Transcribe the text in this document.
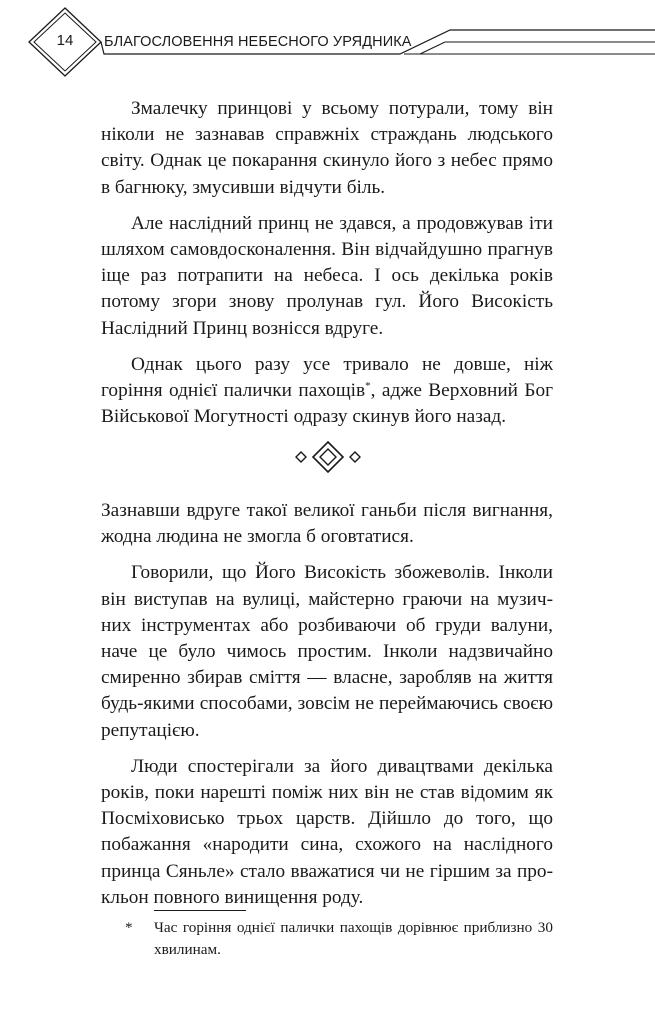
14 БЛАГОСЛОВЕННЯ НЕБЕСНОГО УРЯДНИКА

Змалечку принцові у всьому потурали, тому він ніколи не зазнавав справжніх страждань людського світу. Однак це покарання скинуло його з небес прямо в багнюку, змусивши відчути біль.

Але наслідний принц не здався, а продовжував іти шляхом самовдосконалення. Він відчайдушно прагнув іще раз потрапити на небеса. І ось декілька років потому згори знову пролунав гул. Його Високість Наслідний Принц вознісся вдруге.

Однак цього разу усе тривало не довше, ніж горіння однієї палички пахощів*, адже Верховний Бог Військової Могутності одразу скинув його назад.

Зазнавши вдруге такої великої ганьби після вигнання, жодна людина не змогла б оговтатися.

Говорили, що Його Високість збожеволів. Інколи він виступав на вулиці, майстерно граючи на музичних інструментах або розбиваючи об груди валуни, наче це було чимось простим. Інколи надзвичайно смиренно збирав сміття — власне, заробляв на життя будь-якими способами, зовсім не переймаючись своєю репутацією.

Люди спостерігали за його дивацтвами декілька років, поки нарешті поміж них він не став відомим як Посміховисько трьох царств. Дійшло до того, що побажання «народити сина, схожого на наслідного принца Сяньле» стало вважатися чи не гіршим за прокльон повного винищення роду.

* Час горіння однієї палички пахощів дорівнює приблизно 30 хвилинам.
